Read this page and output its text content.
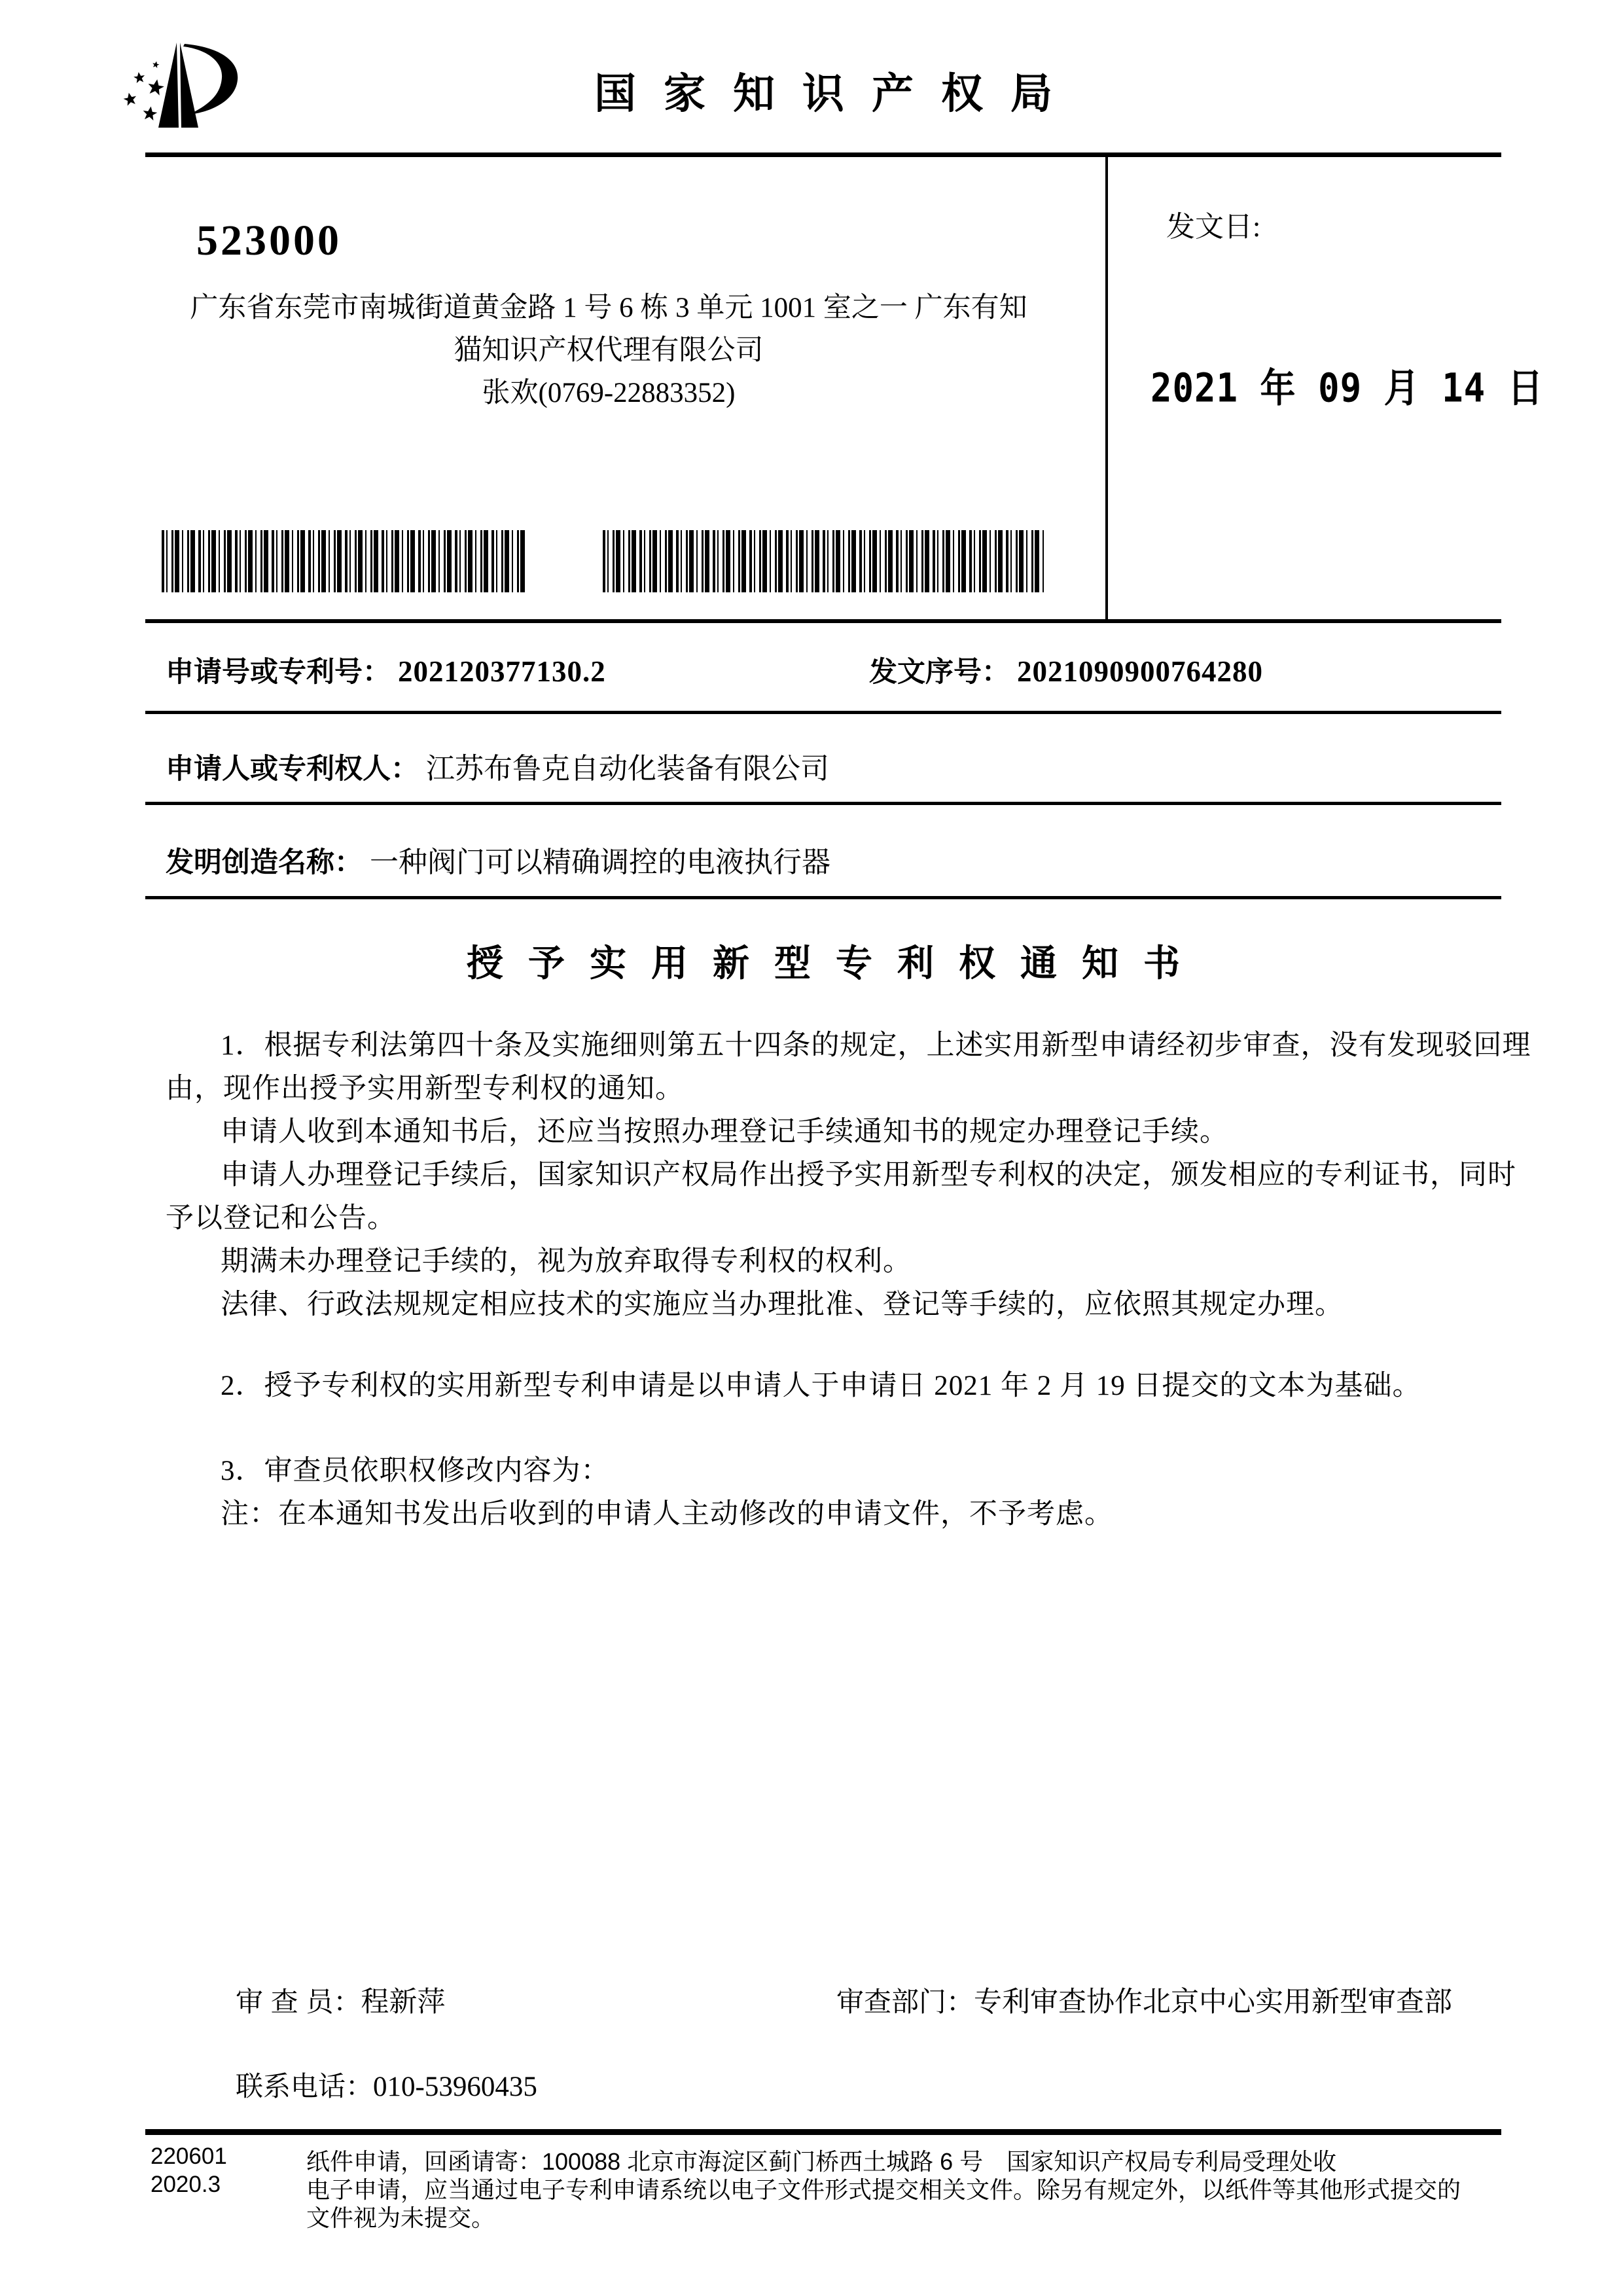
国家知识产权局
523000
广东省东莞市南城街道黄金路 1 号 6 栋 3 单元 1001 室之一 广东有知
猫知识产权代理有限公司
张欢(0769-22883352)
发文日:
2021 年 09 月 14 日
申请号或专利号： 202120377130.2	发文序号： 2021090900764280
申请人或专利权人： 江苏布鲁克自动化装备有限公司
发明创造名称： 一种阀门可以精确调控的电液执行器
授予实用新型专利权通知书
1．根据专利法第四十条及实施细则第五十四条的规定，上述实用新型申请经初步审查，没有发现驳回理
由，现作出授予实用新型专利权的通知。
申请人收到本通知书后，还应当按照办理登记手续通知书的规定办理登记手续。
申请人办理登记手续后，国家知识产权局作出授予实用新型专利权的决定，颁发相应的专利证书，同时
予以登记和公告。
期满未办理登记手续的，视为放弃取得专利权的权利。
法律、行政法规规定相应技术的实施应当办理批准、登记等手续的，应依照其规定办理。
2．授予专利权的实用新型专利申请是以申请人于申请日 2021 年 2 月 19 日提交的文本为基础。
3．审查员依职权修改内容为：
注：在本通知书发出后收到的申请人主动修改的申请文件，不予考虑。
审 查 员：程新萍	审查部门：专利审查协作北京中心实用新型审查部
联系电话：010-53960435
220601
2020.3
纸件申请，回函请寄：100088 北京市海淀区蓟门桥西土城路 6 号　国家知识产权局专利局受理处收
电子申请，应当通过电子专利申请系统以电子文件形式提交相关文件。除另有规定外，以纸件等其他形式提交的
文件视为未提交。
